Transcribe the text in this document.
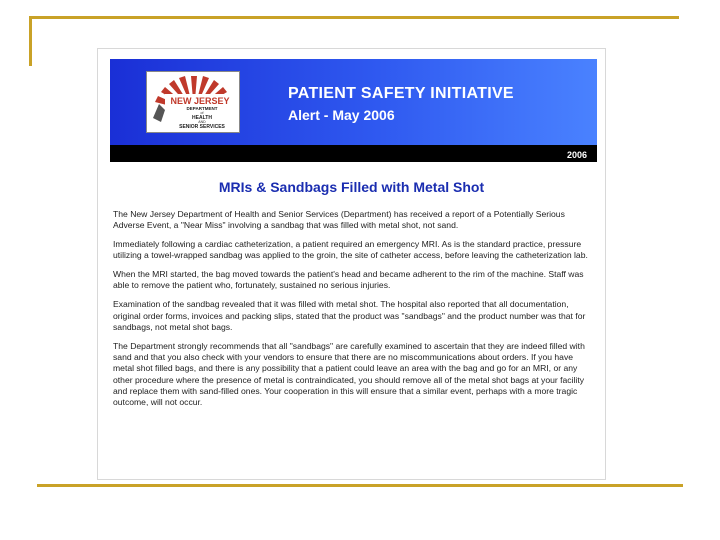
NEW JERSEY
DEPARTMENT
of
HEALTH
AND
SENIOR SERVICES
PATIENT SAFETY INITIATIVE
Alert - May 2006
2006
MRIs & Sandbags Filled with Metal Shot

The New Jersey Department of Health and Senior Services (Department) has received a report of a Potentially Serious Adverse Event, a "Near Miss" involving a sandbag that was filled with metal shot, not sand.

Immediately following a cardiac catheterization, a patient required an emergency MRI. As is the standard practice, pressure utilizing a towel-wrapped sandbag was applied to the groin, the site of catheter access, before leaving the catheterization lab.

When the MRI started, the bag moved towards the patient's head and became adherent to the rim of the machine. Staff was able to remove the patient who, fortunately, sustained no serious injuries.

Examination of the sandbag revealed that it was filled with metal shot. The hospital also reported that all documentation, original order forms, invoices and packing slips, stated that the product was "sandbags" and the product number was that for sandbags, not metal shot bags.

The Department strongly recommends that all "sandbags" are carefully examined to ascertain that they are indeed filled with sand and that you also check with your vendors to ensure that there are no miscommunications about orders. If you have metal shot filled bags, and there is any possibility that a patient could leave an area with the bag and go for an MRI, or any other procedure where the presence of metal is contraindicated, you should remove all of the metal shot bags at your facility and replace them with sand-filled ones. Your cooperation in this will ensure that a similar event, perhaps with a more tragic outcome, will not occur.
